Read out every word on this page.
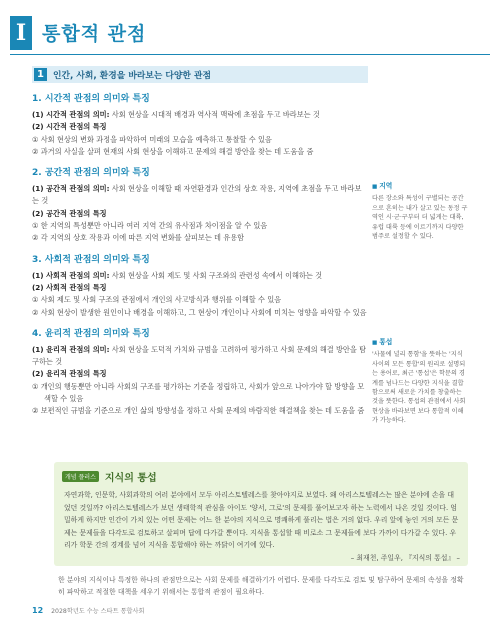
I 통합적 관점
1	인간, 사회, 환경을 바라보는 다양한 관점
1. 시간적 관점의 의미와 특징
(1) 시간적 관점의 의미: 사회 현상을 시대적 배경과 역사적 맥락에 초점을 두고 바라보는 것
(2) 시간적 관점의 특징
① 사회 현상의 변화 과정을 파악하여 미래의 모습을 예측하고 통찰할 수 있음
② 과거의 사실을 살펴 현재의 사회 현상을 이해하고 문제의 해결 방안을 찾는 데 도움을 줌
2. 공간적 관점의 의미와 특징
(1) 공간적 관점의 의미: 사회 현상을 이해할 때 자연환경과 인간의 상호 작용, 지역에 초점을 두고 바라보는 것
(2) 공간적 관점의 특징
① 한 지역의 특성뿐만 아니라 여러 지역 간의 유사점과 차이점을 알 수 있음
② 각 지역의 상호 작용과 이에 따른 지역 변화를 살피보는 데 유용함
3. 사회적 관점의 의미와 특징
(1) 사회적 관점의 의미: 사회 현상을 사회 제도 및 사회 구조와의 관련성 속에서 이해하는 것
(2) 사회적 관점의 특징
① 사회 제도 및 사회 구조의 관점에서 개인의 사고방식과 행위를 이해할 수 있음
② 사회 현상이 발생한 원인이나 배경을 이해하고, 그 현상이 개인이나 사회에 미치는 영향을 파악할 수 있음
4. 윤리적 관점의 의미와 특징
(1) 윤리적 관점의 의미: 사회 현상을 도덕적 가치와 규범을 고려하여 평가하고 사회 문제의 해결 방안을 탐구하는 것
(2) 윤리적 관점의 특징
① 개인의 행동뿐만 아니라 사회의 구조를 평가하는 기준을 정립하고, 사회가 앞으로 나아가야 할 방향을 모색할 수 있음
② 보편적인 규범을 기준으로 개인 삶의 방향성을 정하고 사회 문제의 바람직한 해결책을 찾는 데 도움을 줌
■ 지역
다른 장소와 특성이 구별되는 공간으로 흔히는 내가 살고 있는 동정 구역인 시·군·구부터 더 넓게는 대륙, 유럽 대륙 등에 이르기까지 다양한 범주로 설정할 수 있다.
■ 통섭
'사물에 널리 통함'을 뜻하는 '지식 사이의 모든 통합'의 원리로 설명되는 용어로, 최근 '통섭'은 학문의 경계를 넘나드는 다양한 지식을 결합함으로써 새로운 가치를 창출하는 것을 뜻한다. 통섭의 관점에서 사회 현상을 바라보면 보다 통합적 이해가 가능하다.
개념 플러스 지식의 통섭
자연과학, 인문학, 사회과학의 여러 분야에서 모두 아리스토텔레스를 찾아야지로 보였다. 왜 아리스토텔레스는 많은 분야에 손을 대었던 것일까? 아리스토텔레스가 보던 생태학적 관심을 아이도 '양서, 그로'의 문제를 풀어보고자 하는 노력에서 나온 것일 것이다. 엄밀하게 하지만 인간이 가치 있는 어떤 문제는 어느 한 분야의 지식으로 명쾌하게 풀리는 법은 거의 없다. 우리 앞에 놓인 거의 모든 문제는 문제들을 다각도로 검토하고 살피며 답에 다가갈 뿐이다. 지식을 통섭할 때 비로소 그 문제들에 보다 가까이 다가갈 수 있다. 우리가 학문 간의 경계를 넘어 지식을 통합해야 하는 까닭이 여기에 있다.
– 최재천, 주일우, 『지식의 통섭』 –
한 분야의 지식이나 특정한 하나의 관점만으로는 사회 문제를 해결하기가 어렵다. 문제를 다각도로 검토 및 탐구하여 문제의 속성을 정확히 파악하고 적절한 대책을 세우기 위해서는 통합적 관점이 필요하다.
12 2028학년도 수능 스타트 통합사회
